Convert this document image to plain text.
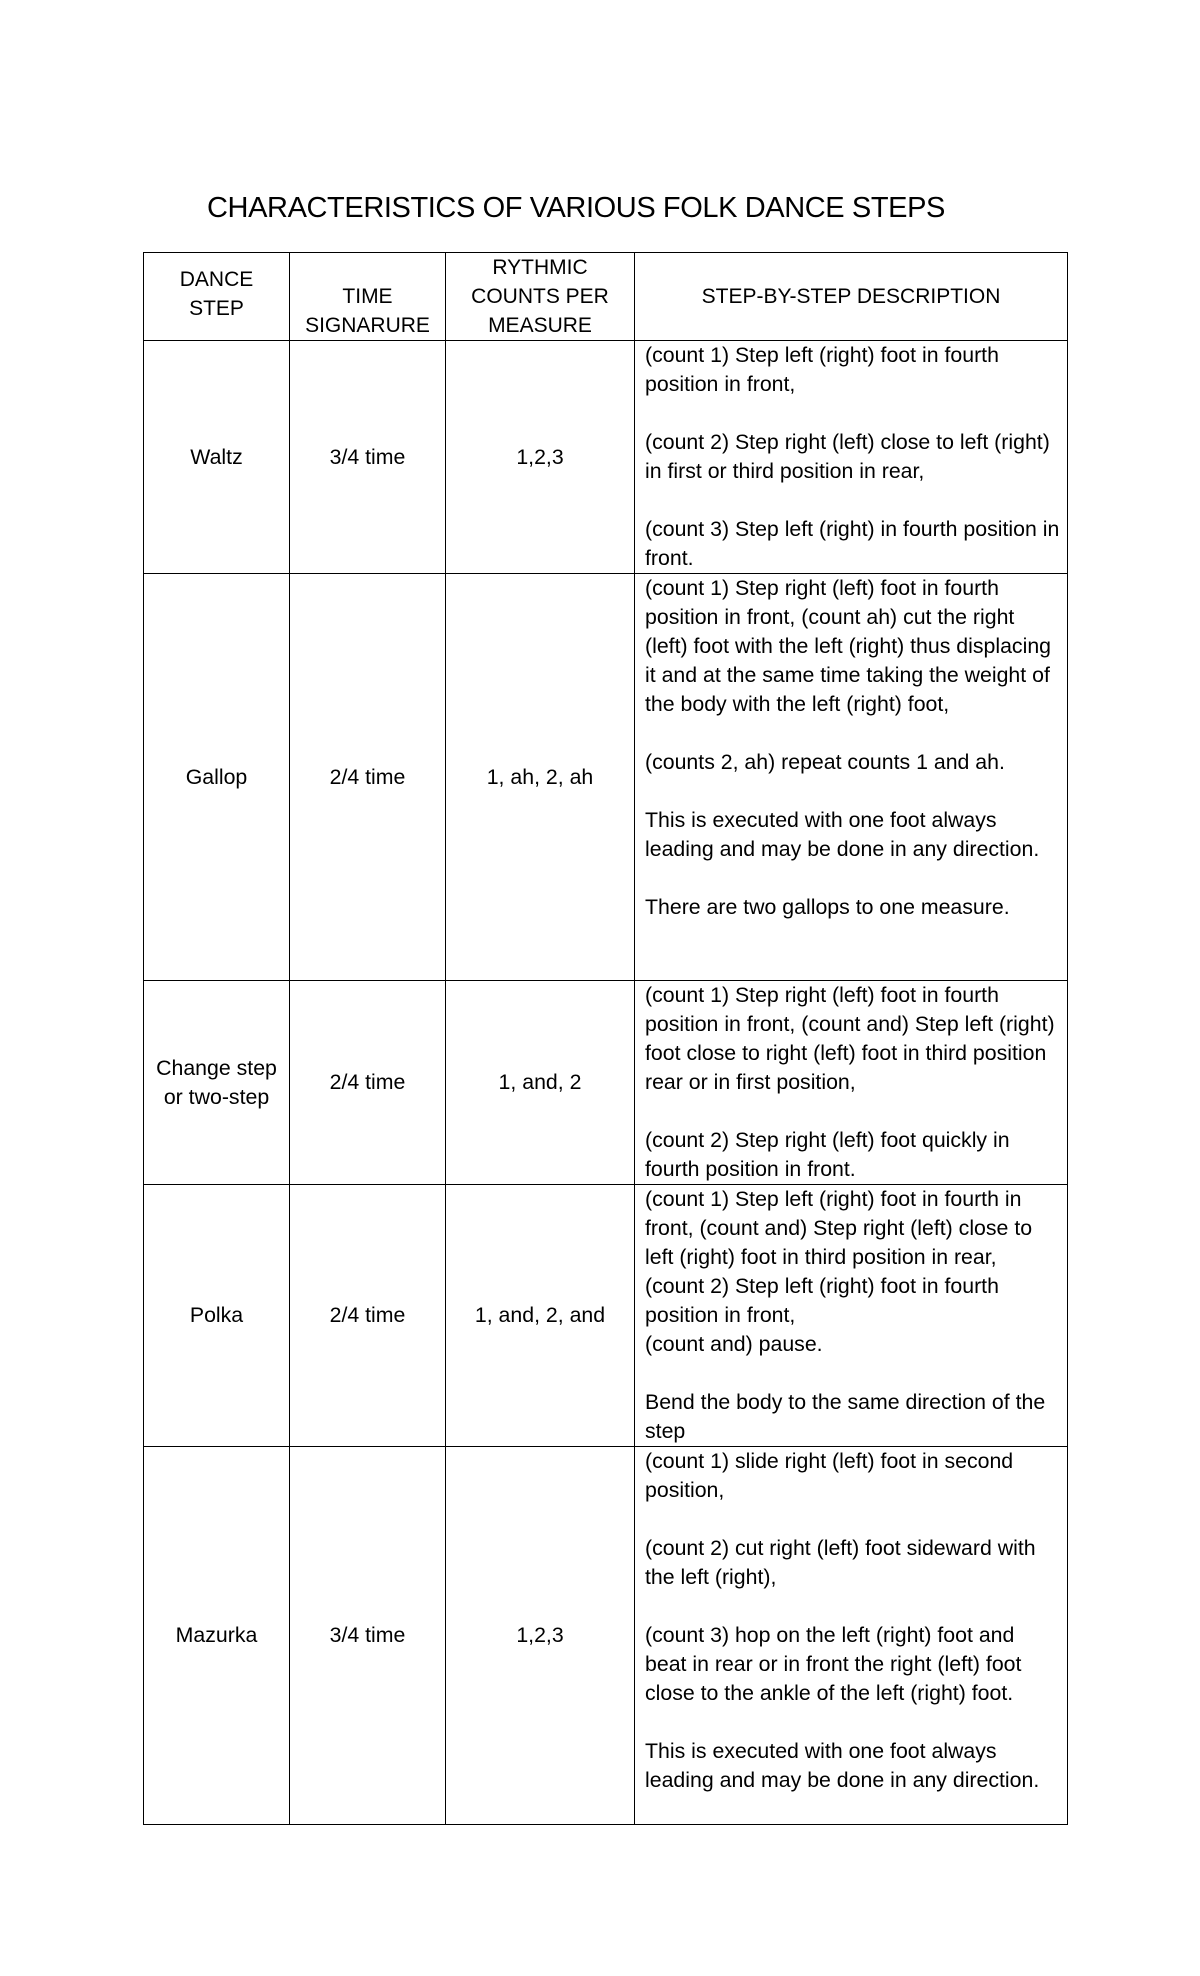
CHARACTERISTICS OF VARIOUS FOLK DANCE STEPS
DANCE STEP	TIME SIGNARURE	RYTHMIC COUNTS PER MEASURE	STEP-BY-STEP DESCRIPTION

Waltz	3/4 time	1,2,3	(count 1) Step left (right) foot in fourth position in front,
(count 2) Step right (left) close to left (right) in first or third position in rear,
(count 3) Step left (right) in fourth position in front.

Gallop	2/4 time	1, ah, 2, ah	(count 1) Step right (left) foot in fourth position in front, (count ah) cut the right (left) foot with the left (right) thus displacing it and at the same time taking the weight of the body with the left (right) foot,
(counts 2, ah) repeat counts 1 and ah.
This is executed with one foot always leading and may be done in any direction.
There are two gallops to one measure.

Change step or two-step	2/4 time	1, and, 2	(count 1) Step right (left) foot in fourth position in front, (count and) Step left (right) foot close to right (left) foot in third position rear or in first position,
(count 2) Step right (left) foot quickly in fourth position in front.

Polka	2/4 time	1, and, 2, and	(count 1) Step left (right) foot in fourth in front, (count and) Step right (left) close to left (right) foot in third position in rear,
(count 2) Step left (right) foot in fourth position in front,
(count and) pause.
Bend the body to the same direction of the step

Mazurka	3/4 time	1,2,3	(count 1) slide right (left) foot in second position,
(count 2) cut right (left) foot sideward with the left (right),
(count 3) hop on the left (right) foot and beat in rear or in front the right (left) foot close to the ankle of the left (right) foot.
This is executed with one foot always leading and may be done in any direction.
